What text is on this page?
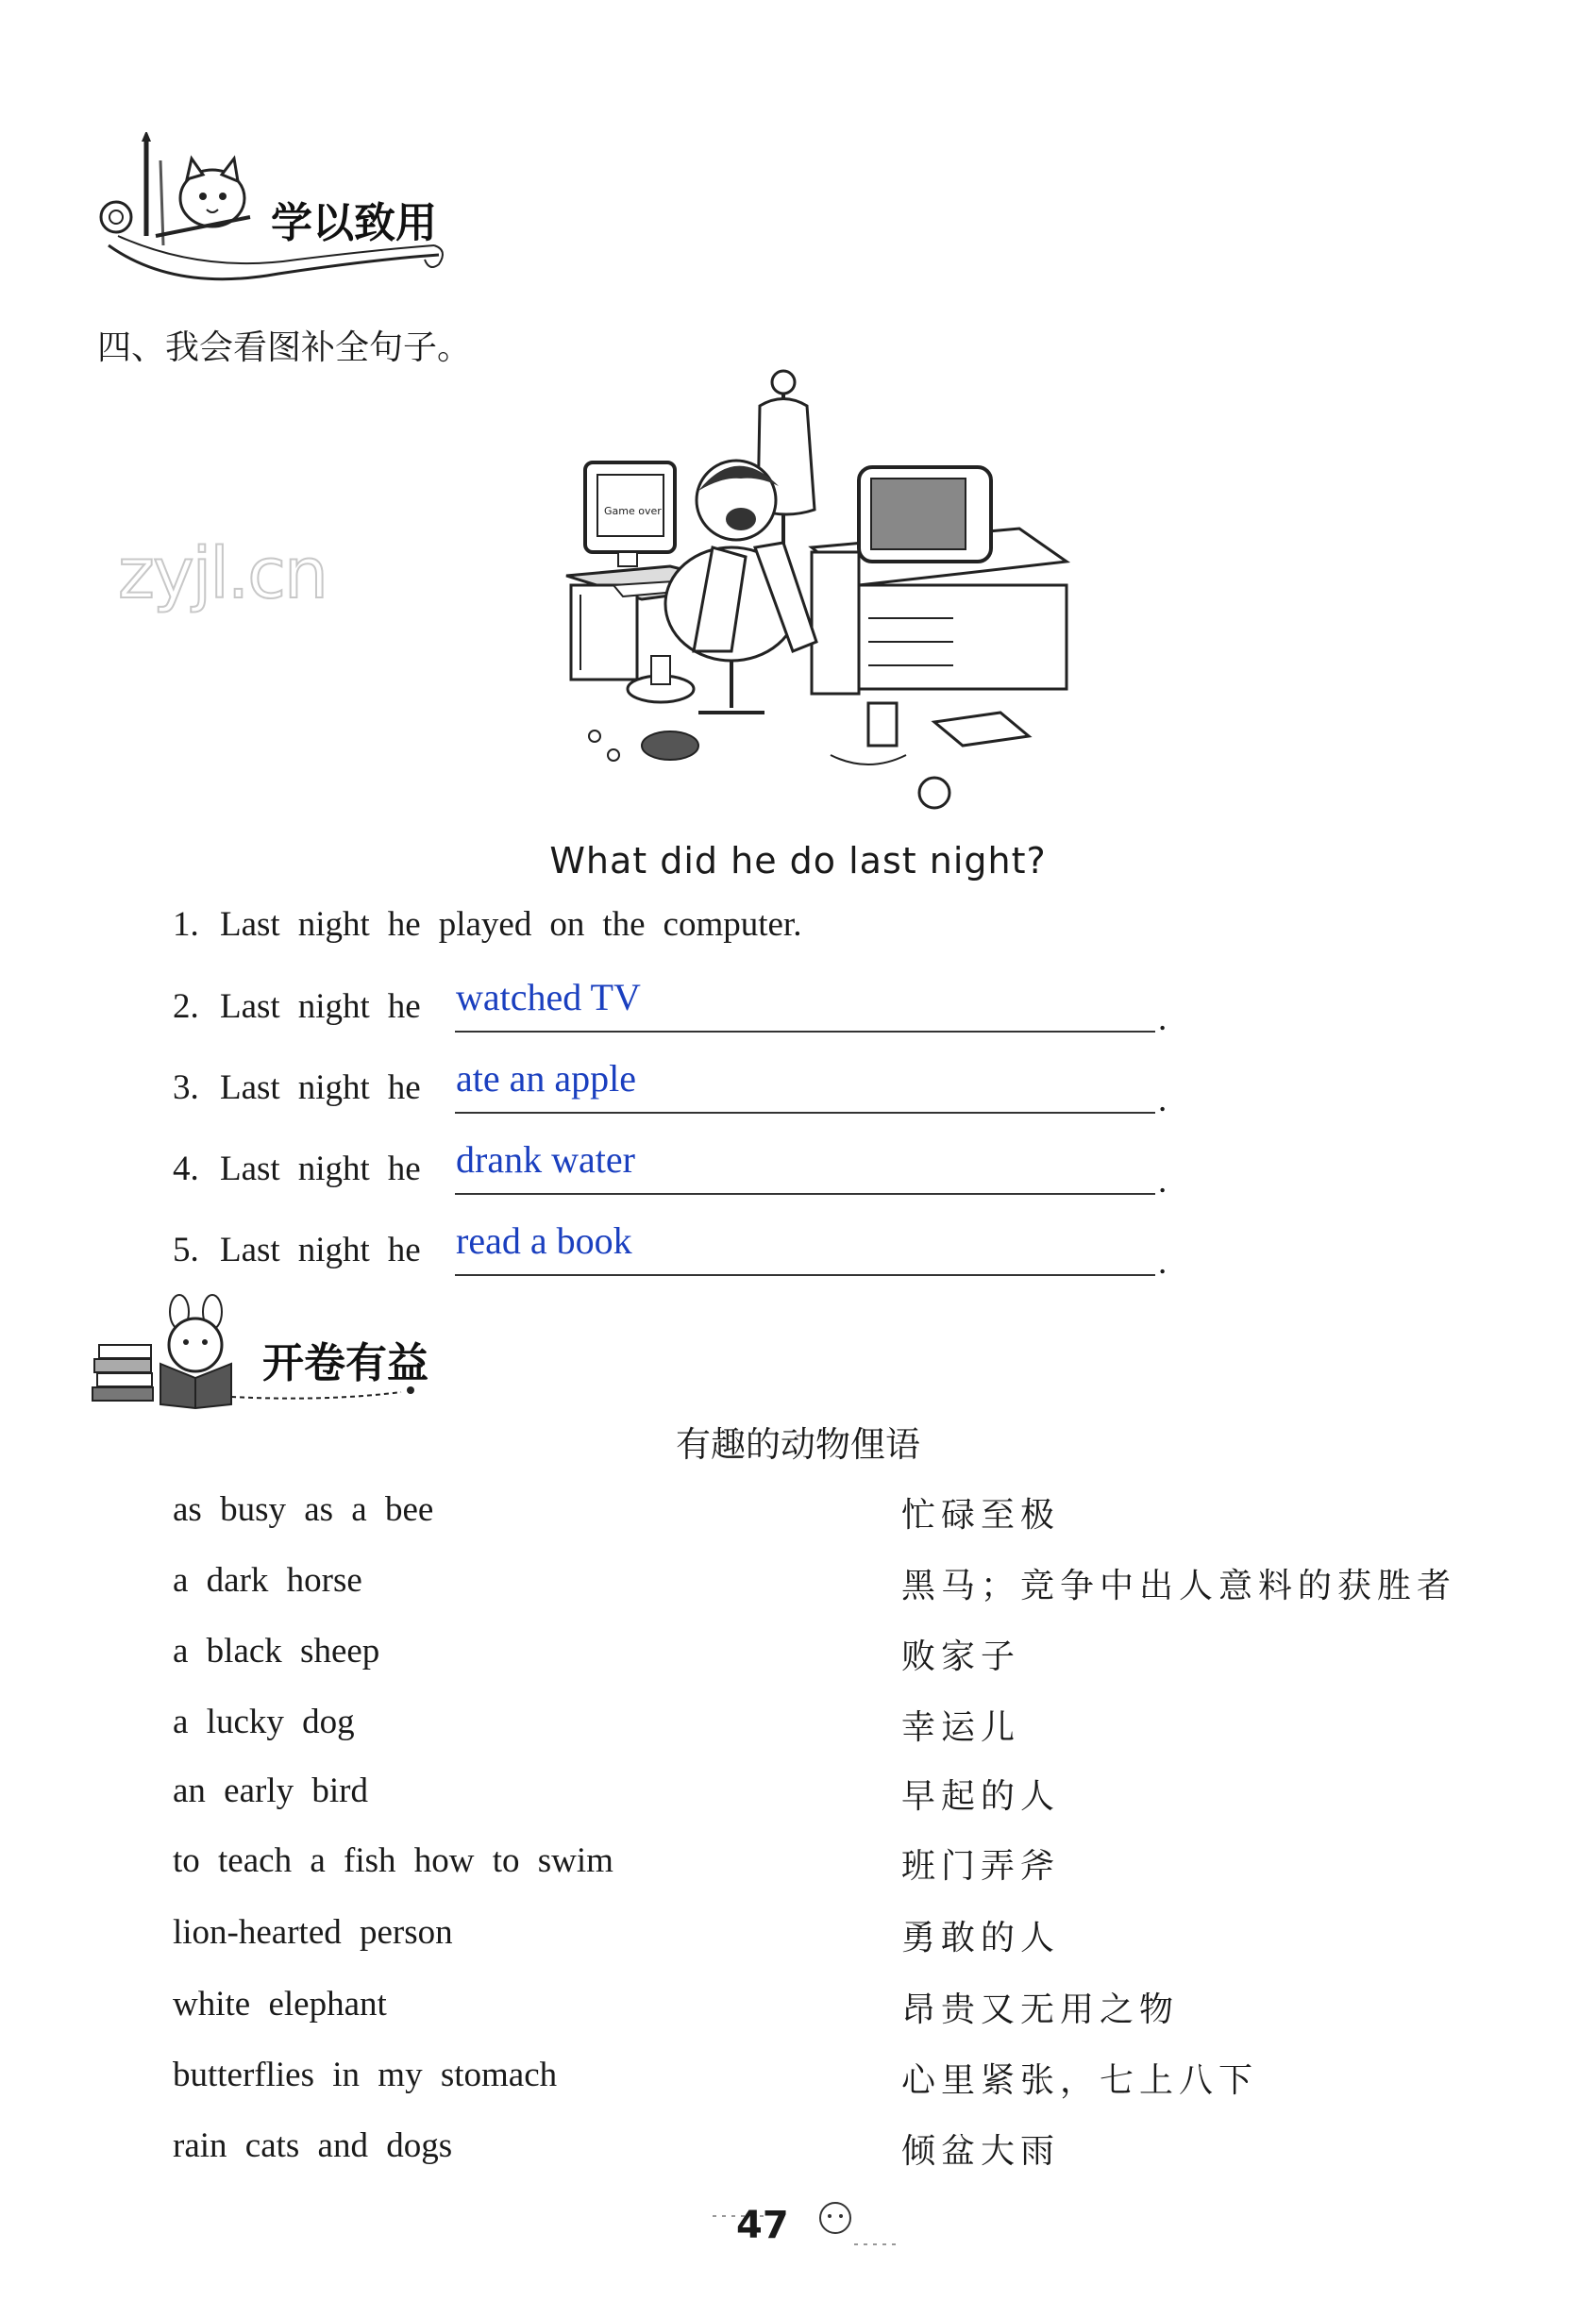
学以致用
四、我会看图补全句子。
zyjl.cn
Game over
What did he do last night?
1. Last night he played on the computer.
2. Last night he watched TV
.
3. Last night he ate an apple
.
4. Last night he drank water
.
5. Last night he read a book
.
开卷有益
有趣的动物俚语
as busy as a bee	忙碌至极
a dark horse	黑马；竞争中出人意料的获胜者
a black sheep	败家子
a lucky dog	幸运儿
an early bird	早起的人
to teach a fish how to swim	班门弄斧
lion-hearted person	勇敢的人
white elephant	昂贵又无用之物
butterflies in my stomach	心里紧张，七上八下
rain cats and dogs	倾盆大雨
47
